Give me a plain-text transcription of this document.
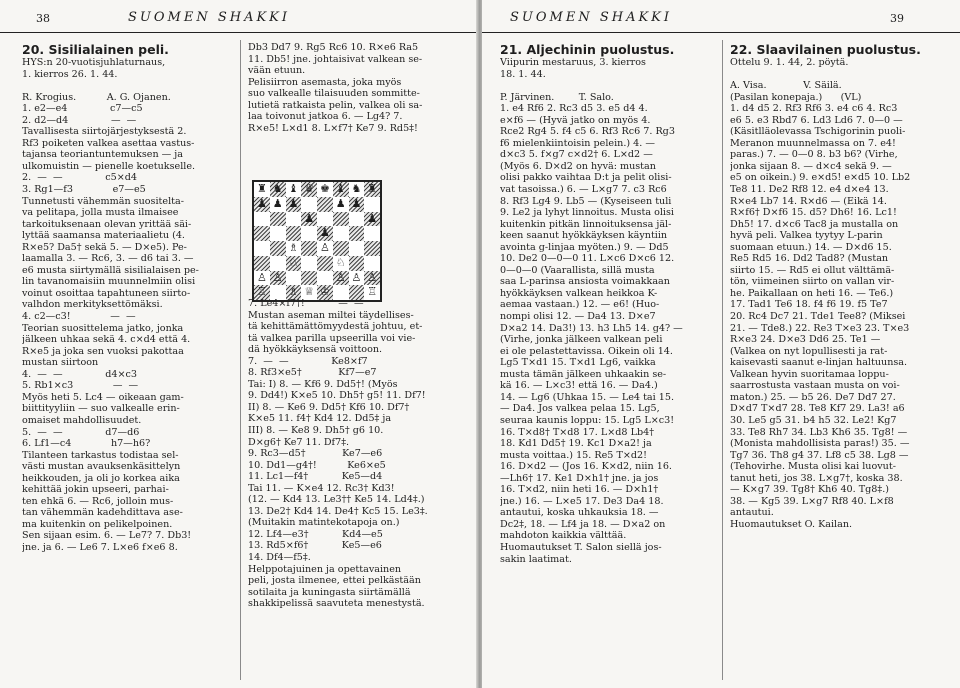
38	SUOMEN SHAKKI
20. Sisilialainen peli.
HYS:n 20-vuotisjuhlaturnaus,
1. kierros 26. 1. 44.
R. Krogius.          A. G. Ojanen.
1. e2—e4              c7—c5
2. d2—d4              —  —
Tavallisesta siirtojärjestyksestä 2.
Rf3 poiketen valkea asettaa vastus-
tajansa teoriantuntemuksen — ja
ulkomuistin — pienelle koetukselle.
2.  —  —              c5×d4
3. Rg1—f3             e7—e5
Tunnetusti vähemmän suositelta-
va pelitapa, jolla musta ilmaisee
tarkoituksenaan olevan yrittää säi-
lyttää saamansa materiaalietu (4.
R×e5? Da5† sekä 5. — D×e5). Pe-
laamalla 3. — Rc6, 3. — d6 tai 3. —
e6 musta siirtymällä sisilialaisen pe-
lin tavanomaisiin muunnelmiin olisi
voinut osoittaa tapahtuneen siirto-
valhdon merkityksettömäksi.
4. c2—c3!             —  —
Teorian suosittelema jatko, jonka
jälkeen uhkaa sekä 4. c×d4 että 4.
R×e5 ja joka sen vuoksi pakottaa
mustan siirtoon
4.  —  —              d4×c3
5. Rb1×c3             —  —
Myös heti 5. Lc4 — oikeaan gam-
biittityyliin — suo valkealle erin-
omaiset mahdollisuudet.
5.  —  —              d7—d6
6. Lf1—c4             h7—h6?
Tilanteen tarkastus todistaa sel-
västi mustan avauksenkäsittelyn
heikkouden, ja oli jo korkea aika
kehittää jokin upseeri, parhai-
ten ehkä 6. — Rc6, jolloin mus-
tan vähemmän kadehdittava ase-
ma kuitenkin on pelikelpoinen.
Sen sijaan esim. 6. — Le7? 7. Db3!
jne. ja 6. — Le6 7. L×e6 f×e6 8.
Db3 Dd7 9. Rg5 Rc6 10. R×e6 Ra5
11. Db5! jne. johtaisivat valkean se-
vään etuun.
Pelisiirron asemasta, joka myös
suo valkealle tilaisuuden sommitte-
lutietä ratkaista pelin, valkea oli sa-
laa toivonut jatkoa 6. — Lg4? 7.
R×e5! L×d1 8. L×f7† Ke7 9. Rd5‡!
♜ ♞ ♝ ♛ ♚ ♝ ♞ ♜
♟ ♟ ♟	♟ ♟
♟	♟
♟
♗ ♙
♘	♘
♙ ♙	♙ ♙ ♙
♖ ♗ ♕ ♔	♖
7. Le4×f7†!           —  —
Mustan aseman miltei täydellises-
tä kehittämättömyydestä johtuu, et-
tä valkea parilla upseerilla voi vie-
dä hyökkäyksensä voittoon.
7.  —  —              Ke8×f7
8. Rf3×e5†            Kf7—e7
Tai: I) 8. — Kf6 9. Dd5†! (Myös
9. Dd4!) K×e5 10. Dh5† g5! 11. Df7!
II) 8. — Ke6 9. Dd5† Kf6 10. Df7†
K×e5 11. f4† Kd4 12. Dd5‡ ja
III) 8. — Ke8 9. Dh5† g6 10.
D×g6† Ke7 11. Df7‡.
9. Rc3—d5†            Ke7—e6
10. Dd1—g4†!          Ke6×e5
11. Lc1—f4†           Ke5—d4
Tai 11. — K×e4 12. Rc3† Kd3!
(12. — Kd4 13. Le3†† Ke5 14. Ld4‡.)
13. De2† Kd4 14. De4† Kc5 15. Le3‡.
(Muitakin matintekotapoja on.)
12. Lf4—e3†           Kd4—e5
13. Rd5×f6†           Ke5—e6
14. Df4—f5‡.
Helppotajuinen ja opettavainen
peli, josta ilmenee, ettei pelkästään
sotilaita ja kuningasta siirtämällä
shakkipelissä saavuteta menestystä.
SUOMEN SHAKKI	39
21. Aljechinin puolustus.
Viipurin mestaruus, 3. kierros
18. 1. 44.
P. Järvinen.        T. Salo.
1. e4 Rf6 2. Rc3 d5 3. e5 d4 4.
e×f6 — (Hyvä jatko on myös 4.
Rce2 Rg4 5. f4 c5 6. Rf3 Rc6 7. Rg3
f6 mielenkiintoisin pelein.) 4. —
d×c3 5. f×g7 c×d2† 6. L×d2 —
(Myös 6. D×d2 on hyvä: mustan
olisi pakko vaihtaa D:t ja pelit olisi-
vat tasoissa.) 6. — L×g7 7. c3 Rc6
8. Rf3 Lg4 9. Lb5 — (Kyseiseen tuli
9. Le2 ja lyhyt linnoitus. Musta olisi
kuitenkin pitkän linnoituksensa jäl-
keen saanut hyökkäyksen käyntiin
avointa g-linjaa myöten.) 9. — Dd5
10. De2 0—0—0 11. L×c6 D×c6 12.
0—0—0 (Vaarallista, sillä musta
saa L-parinsa ansiosta voimakkaan
hyökkäyksen valkean heikkoa K-
aemaa vastaan.) 12. — e6! (Huo-
nompi olisi 12. — Da4 13. D×e7
D×a2 14. Da3!) 13. h3 Lh5 14. g4? —
(Virhe, jonka jälkeen valkean peli
ei ole pelastettavissa. Oikein oli 14.
Lg5 T×d1 15. T×d1 Lg6, vaikka
musta tämän jälkeen uhkaakin se-
kä 16. — L×c3! että 16. — Da4.)
14. — Lg6 (Uhkaa 15. — Le4 tai 15.
— Da4. Jos valkea pelaa 15. Lg5,
seuraa kaunis loppu: 15. Lg5 L×c3!
16. T×d8† T×d8 17. L×d8 Lb4†
18. Kd1 Dd5† 19. Kc1 D×a2! ja
musta voittaa.) 15. Re5 T×d2!
16. D×d2 — (Jos 16. K×d2, niin 16.
—Lh6† 17. Ke1 D×h1† jne. ja jos
16. T×d2, niin heti 16. — D×h1†
jne.) 16. — L×e5 17. De3 Da4 18.
antautui, koska uhkauksia 18. —
Dc2‡, 18. — Lf4 ja 18. — D×a2 on
mahdoton kaikkia välttää.
Huomautukset T. Salon siellä jos-
sakin laatimat.
22. Slaavilainen puolustus.
Ottelu 9. 1. 44, 2. pöytä.
A. Visa.            V. Säilä.
(Pasilan konepaja.)      (VL)
1. d4 d5 2. Rf3 Rf6 3. e4 c6 4. Rc3
e6 5. e3 Rbd7 6. Ld3 Ld6 7. 0—0 —
(Käsitlläolevassa Tschigorinin puoli-
Meranon muunnelmassa on 7. e4!
paras.) 7. — 0—0 8. b3 b6? (Virhe,
jonka sijaan 8. — d×c4 sekä 9. —
e5 on oikein.) 9. e×d5! e×d5 10. Lb2
Te8 11. De2 Rf8 12. e4 d×e4 13.
R×e4 Lb7 14. R×d6 — (Eikä 14.
R×f6† D×f6 15. d5? Dh6! 16. Lc1!
Dh5! 17. d×c6 Tac8 ja mustalla on
hyvä peli. Valkea tyytyy L-parin
suomaan etuun.) 14. — D×d6 15.
Re5 Rd5 16. Dd2 Tad8? (Mustan
siirto 15. — Rd5 ei ollut välttämä-
tön, viimeinen siirto on vallan vir-
he. Paikallaan on heti 16. — Te6.)
17. Tad1 Te6 18. f4 f6 19. f5 Te7
20. Rc4 Dc7 21. Tde1 Tee8? (Miksei
21. — Tde8.) 22. Re3 T×e3 23. T×e3
R×e3 24. D×e3 Dd6 25. Te1 —
(Valkea on nyt lopullisesti ja rat-
kaisevasti saanut e-linjan haltuunsa.
Valkean hyvin suoritamaa loppu-
saarrostusta vastaan musta on voi-
maton.) 25. — b5 26. De7 Dd7 27.
D×d7 T×d7 28. Te8 Kf7 29. La3! a6
30. Le5 g5 31. b4 h5 32. Le2! Kg7
33. Te8 Rh7 34. Lb3 Kh6 35. Tg8! —
(Monista mahdollisista paras!) 35. —
Tg7 36. Th8 g4 37. Lf8 c5 38. Lg8 —
(Tehovirhe. Musta olisi kai luovut-
tanut heti, jos 38. L×g7†, koska 38.
— K×g7 39. Tg8† Kh6 40. Tg8‡.)
38. — Kg5 39. L×g7 Rf8 40. L×f8
antautui.
Huomautukset O. Kailan.
